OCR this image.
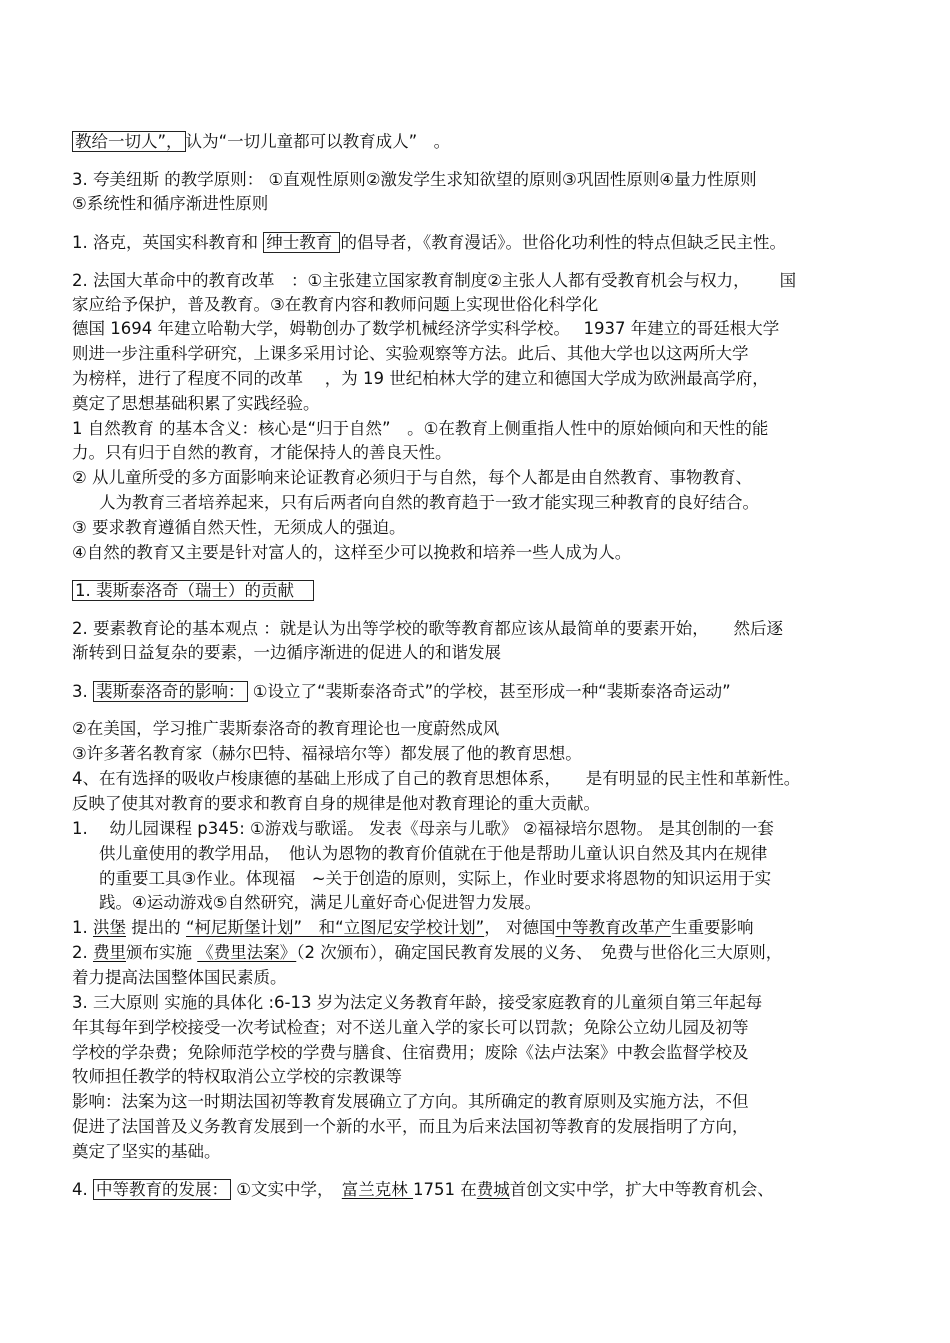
教给一切人”， 认为“一切儿童都可以教育成人”　。
3. 夸美纽斯 的教学原则： ①直观性原则②激发学生求知欲望的原则③巩固性原则④量力性原则
⑤系统性和循序渐进性原则
1. 洛克，英国实科教育和 绅士教育 的倡导者，《教育漫话》。世俗化功利性的特点但缺乏民主性。
2. 法国大革命中的教育改革　：①主张建立国家教育制度②主张人人都有受教育机会与权力，　　 国
家应给予保护，普及教育。③在教育内容和教师问题上实现世俗化科学化
德国 1694 年建立哈勒大学，姆勒创办了数学机械经济学实科学校。　 1937 年建立的哥廷根大学
则进一步注重科学研究，上课多采用讨论、实验观察等方法。此后、其他大学也以这两所大学
为榜样，进行了程度不同的改革　 ，为 19 世纪柏林大学的建立和德国大学成为欧洲最高学府，
奠定了思想基础积累了实践经验。
1 自然教育 的基本含义：核心是“归于自然”　。①在教育上侧重指人性中的原始倾向和天性的能
力。只有归于自然的教育，才能保持人的善良天性。
② 从儿童所受的多方面影响来论证教育必须归于与自然，每个人都是由自然教育、事物教育、
人为教育三者培养起来，只有后两者向自然的教育趋于一致才能实现三种教育的良好结合。
③ 要求教育遵循自然天性，无须成人的强迫。
④自然的教育又主要是针对富人的，这样至少可以挽救和培养一些人成为人。
1. 裴斯泰洛奇（瑞士）的贡献　
2. 要素教育论的基本观点 ：就是认为出等学校的歌等教育都应该从最简单的要素开始，　　然后逐
渐转到日益复杂的要素，一边循序渐进的促进人的和谐发展
3. 裴斯泰洛奇的影响： ①设立了“裴斯泰洛奇式”的学校，甚至形成一种“裴斯泰洛奇运动”
②在美国，学习推广裴斯泰洛奇的教育理论也一度蔚然成风
③许多著名教育家（赫尔巴特、福禄培尔等）都发展了他的教育思想。
4、在有选择的吸收卢梭康德的基础上形成了自己的教育思想体系，　　是有明显的民主性和革新性。
反映了使其对教育的要求和教育自身的规律是他对教育理论的重大贡献。
1.　 幼儿园课程 p345: ①游戏与歌谣。 发表《母亲与儿歌》 ②福禄培尔恩物。 是其创制的一套
供儿童使用的教学用品，　他认为恩物的教育价值就在于他是帮助儿童认识自然及其内在规律
的重要工具③作业。体现福　~关于创造的原则，实际上，作业时要求将恩物的知识运用于实
践。④运动游戏⑤自然研究，满足儿童好奇心促进智力发展。
1. 洪堡 提出的 “柯尼斯堡计划”　和“立图尼安学校计划”， 对德国中等教育改革产生重要影响
2. 费里颁布实施 《费里法案》（2 次颁布），确定国民教育发展的义务、　免费与世俗化三大原则，
着力提高法国整体国民素质。
3. 三大原则 实施的具体化 :6-13 岁为法定义务教育年龄，接受家庭教育的儿童须自第三年起每
年其每年到学校接受一次考试检查；对不送儿童入学的家长可以罚款；免除公立幼儿园及初等
学校的学杂费；免除师范学校的学费与膳食、住宿费用；废除《法卢法案》中教会监督学校及
牧师担任教学的特权取消公立学校的宗教课等
影响：法案为这一时期法国初等教育发展确立了方向。其所确定的教育原则及实施方法，不但
促进了法国普及义务教育发展到一个新的水平，而且为后来法国初等教育的发展指明了方向，
奠定了坚实的基础。
4. 中等教育的发展： ①文实中学，　富兰克林 1751 在费城首创文实中学，扩大中等教育机会、
